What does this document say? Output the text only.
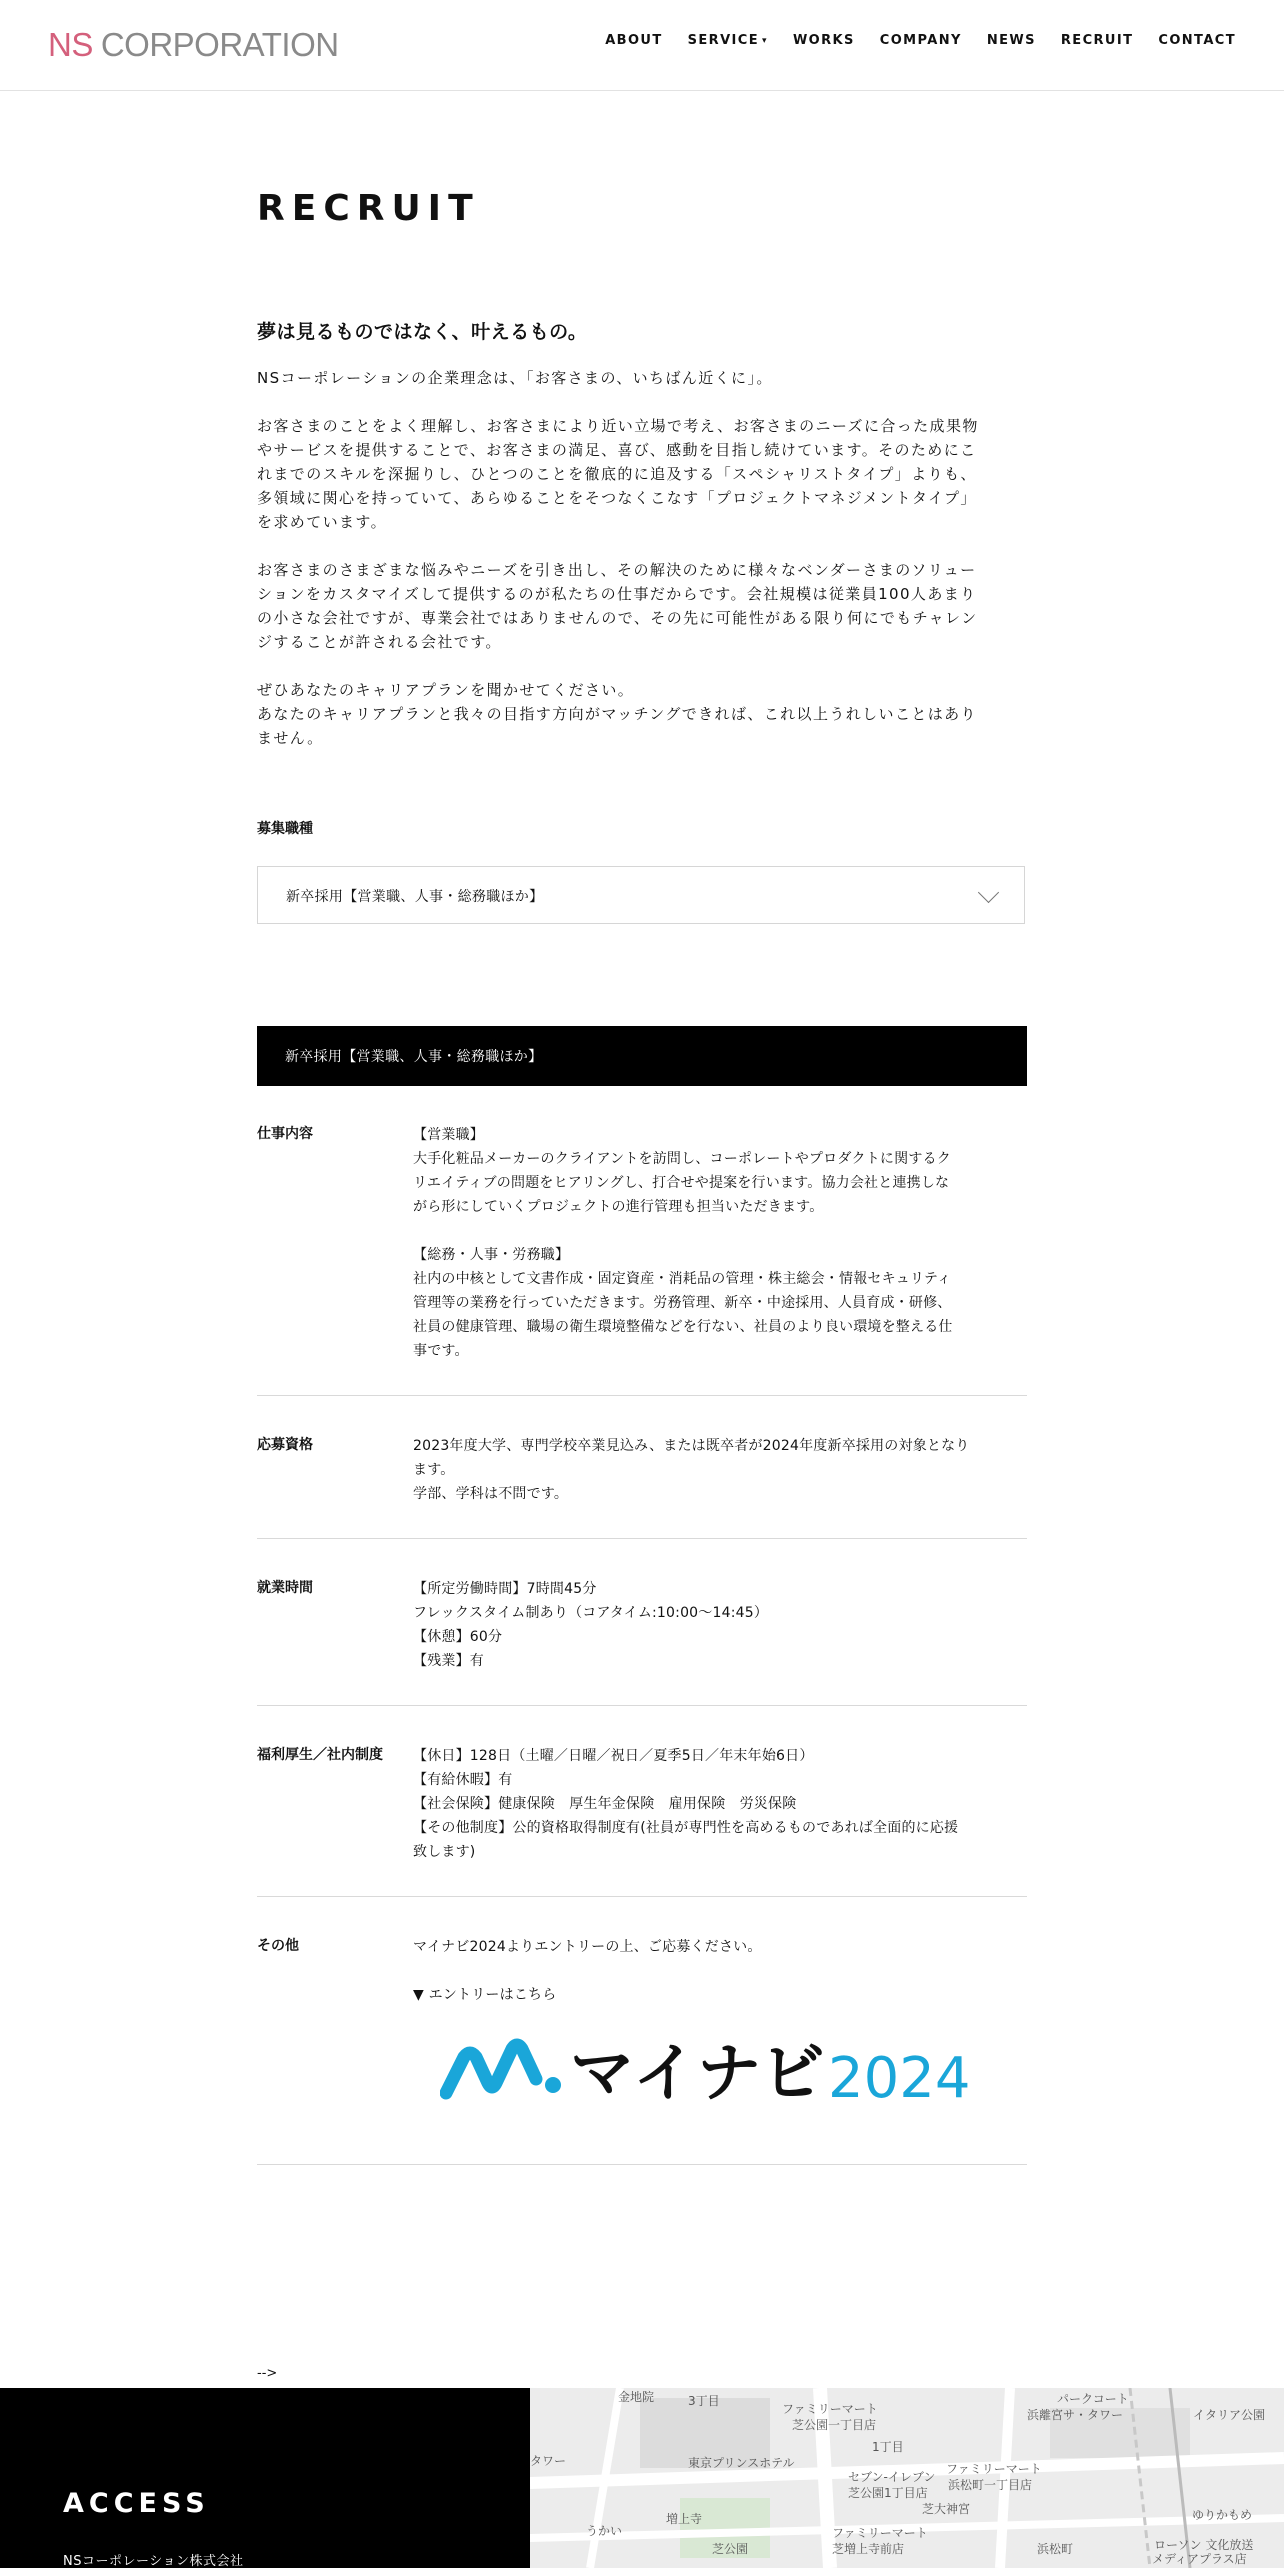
NS CORPORATION	ABOUT SERVICE ▾ WORKS COMPANY NEWS RECRUIT CONTACT
RECRUIT
夢は見るものではなく、叶えるもの。

NSコーポレーションの企業理念は、「お客さまの、いちばん近くに」。

お客さまのことをよく理解し、お客さまにより近い立場で考え、お客さまのニーズに合った成果物
やサービスを提供することで、お客さまの満足、喜び、感動を目指し続けています。そのためにこ
れまでのスキルを深掘りし、ひとつのことを徹底的に追及する「スペシャリストタイプ」よりも、
多領域に関心を持っていて、あらゆることをそつなくこなす「プロジェクトマネジメントタイプ」
を求めています。

お客さまのさまざまな悩みやニーズを引き出し、その解決のために様々なベンダーさまのソリュー
ションをカスタマイズして提供するのが私たちの仕事だからです。会社規模は従業員100人あまり
の小さな会社ですが、専業会社ではありませんので、その先に可能性がある限り何にでもチャレン
ジすることが許される会社です。

ぜひあなたのキャリアプランを聞かせてください。
あなたのキャリアプランと我々の目指す方向がマッチングできれば、これ以上うれしいことはあり
ません。

募集職種
新卒採用【営業職、人事・総務職ほか】
新卒採用【営業職、人事・総務職ほか】
仕事内容	【営業職】
大手化粧品メーカーのクライアントを訪問し、コーポレートやプロダクトに関するク
リエイティブの問題をヒアリングし、打合せや提案を行います。協力会社と連携しな
がら形にしていくプロジェクトの進行管理も担当いただきます。

【総務・人事・労務職】
社内の中核として文書作成・固定資産・消耗品の管理・株主総会・情報セキュリティ
管理等の業務を行っていただきます。労務管理、新卒・中途採用、人員育成・研修、
社員の健康管理、職場の衛生環境整備などを行ない、社員のより良い環境を整える仕
事です。
応募資格	2023年度大学、専門学校卒業見込み、または既卒者が2024年度新卒採用の対象となり
ます。
学部、学科は不問です。
就業時間	【所定労働時間】7時間45分
フレックスタイム制あり（コアタイム:10:00～14:45）
【休憩】60分
【残業】有
福利厚生／社内制度 【休日】128日（土曜／日曜／祝日／夏季5日／年末年始6日）
【有給休暇】有
【社会保険】健康保険　厚生年金保険　雇用保険　労災保険
【その他制度】公的資格取得制度有(社員が専門性を高めるものであれば全面的に応援
致します)
その他	マイナビ2024よりエントリーの上、ご応募ください。

▼ エントリーはこちら
マイナビ 2024
-->
ACCESS
NSコーポレーション株式会社
金地院	3丁目
ファミリーマート
芝公園一丁目店
パークコート
浜離宮サ・タワー	イタリア公園
タワー	東京プリンスホテル
1丁目
セブン-イレブン
芝公園1丁目店
ファミリーマート
浜松町一丁目店
芝大神宮
増上寺
芝公園
ファミリーマート
芝増上寺前店	浜松町	ローソン 文化放送
メディアプラス店
ゆりかもめ
うかい
